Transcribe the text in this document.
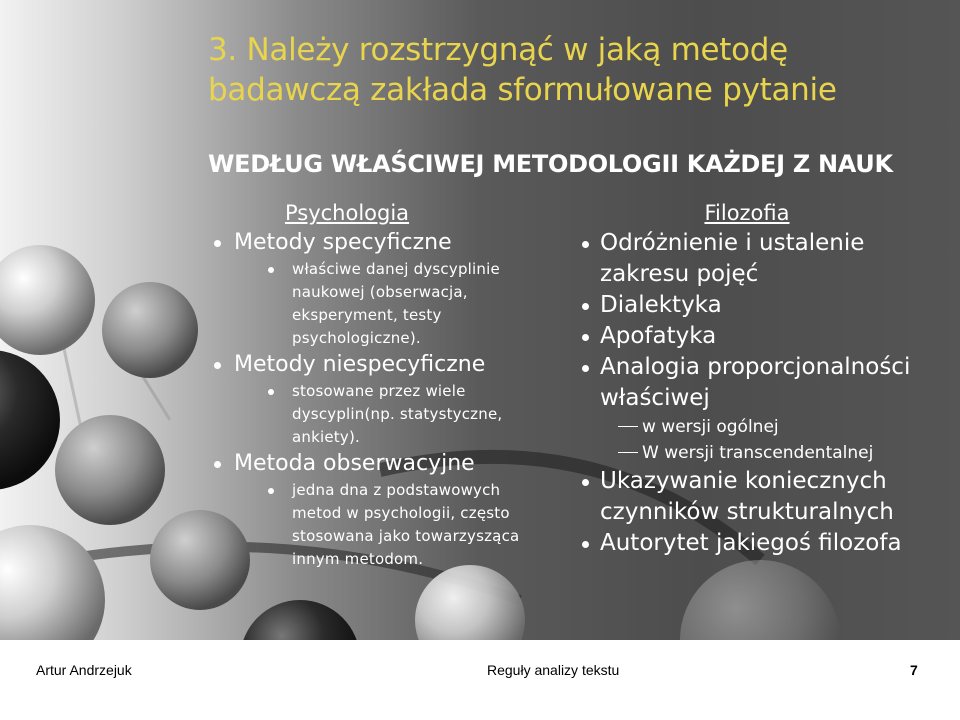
3. Należy rozstrzygnąć w jaką metodę badawczą zakłada sformułowane pytanie
WEDŁUG WŁAŚCIWEJ METODOLOGII KAŻDEJ Z NAUK
Psychologia
Metody specyficzne
właściwe danej dyscyplinie naukowej (obserwacja, eksperyment, testy psychologiczne).
Metody niespecyficzne
stosowane przez wiele dyscyplin(np. statystyczne, ankiety).
Metoda obserwacyjne
jedna dna z podstawowych metod w psychologii, często stosowana jako towarzysząca innym metodom.
Filozofia
Odróżnienie i ustalenie zakresu pojęć
Dialektyka
Apofatyka
Analogia proporcjonalności właściwej
w wersji ogólnej
W wersji transcendentalnej
Ukazywanie koniecznych czynników strukturalnych
Autorytet jakiegoś filozofa
Artur Andrzejuk	Reguły analizy tekstu	7
